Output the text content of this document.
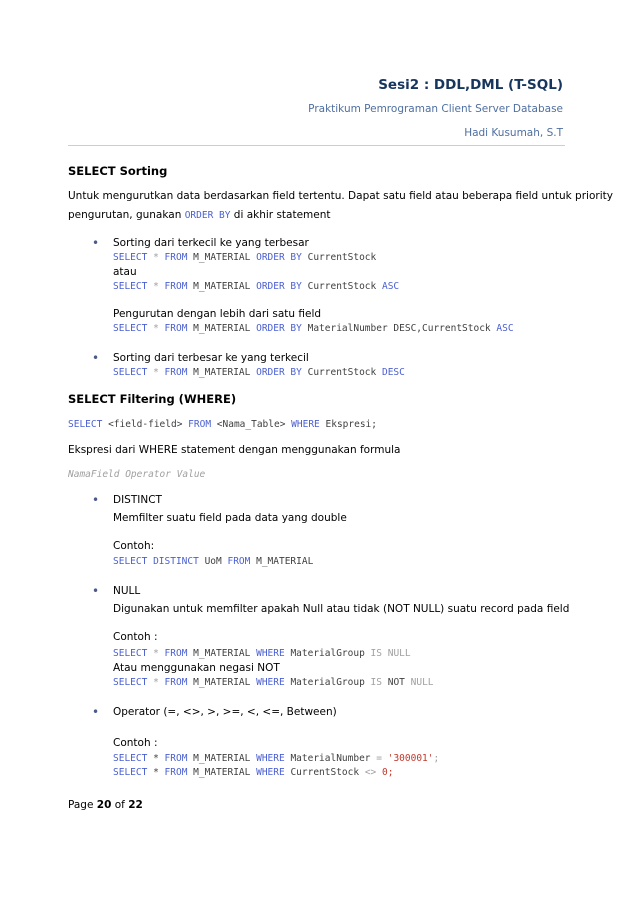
Sesi2 : DDL,DML (T-SQL)
Praktikum Pemrograman Client Server Database
Hadi Kusumah, S.T
SELECT Sorting
Untuk mengurutkan data berdasarkan field tertentu. Dapat satu field atau beberapa field untuk priority
pengurutan, gunakan ORDER BY di akhir statement
• Sorting dari terkecil ke yang terbesar
SELECT * FROM M_MATERIAL ORDER BY CurrentStock
atau
SELECT * FROM M_MATERIAL ORDER BY CurrentStock ASC
Pengurutan dengan lebih dari satu field
SELECT * FROM M_MATERIAL ORDER BY MaterialNumber DESC,CurrentStock ASC
• Sorting dari terbesar ke yang terkecil
SELECT * FROM M_MATERIAL ORDER BY CurrentStock DESC
SELECT Filtering (WHERE)
SELECT <field-field> FROM <Nama_Table> WHERE Ekspresi;
Ekspresi dari WHERE statement dengan menggunakan formula
NamaField Operator Value
• DISTINCT
Memfilter suatu field pada data yang double
Contoh:
SELECT DISTINCT UoM FROM M_MATERIAL
• NULL
Digunakan untuk memfilter apakah Null atau tidak (NOT NULL) suatu record pada field
Contoh :
SELECT * FROM M_MATERIAL WHERE MaterialGroup IS NULL
Atau menggunakan negasi NOT
SELECT * FROM M_MATERIAL WHERE MaterialGroup IS NOT NULL
• Operator (=, <>, >, >=, <, <=, Between)
Contoh :
SELECT * FROM M_MATERIAL WHERE MaterialNumber = '300001';
SELECT * FROM M_MATERIAL WHERE CurrentStock <> 0;
Page 20 of 22
